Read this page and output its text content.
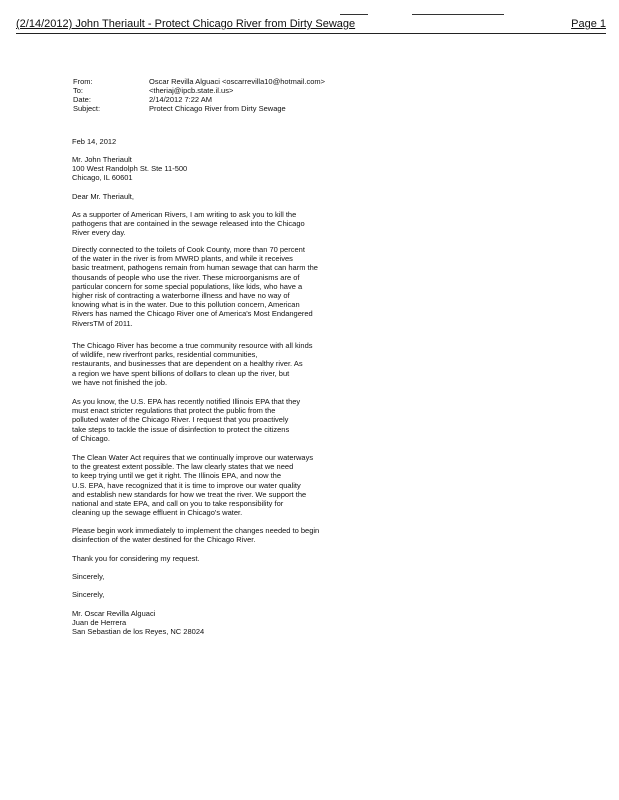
(2/14/2012) John Theriault - Protect Chicago River from Dirty Sewage	Page 1
From:	Oscar Revilla Alguaci <oscarrevilla10@hotmail.com>
To:	<theriaj@ipcb.state.il.us>
Date:	2/14/2012 7:22 AM
Subject:	Protect Chicago River from Dirty Sewage
Feb 14, 2012
Mr. John Theriault
100 West Randolph St. Ste 11-500
Chicago, IL 60601
Dear Mr. Theriault,
As a supporter of American Rivers, I am writing to ask you to kill the
pathogens that are contained in the sewage released into the Chicago
River every day.
Directly connected to the toilets of Cook County, more than 70 percent
of the water in the river is from MWRD plants, and while it receives
basic treatment, pathogens remain from human sewage that can harm the
thousands of people who use the river. These microorganisms are of
particular concern for some special populations, like kids, who have a
higher risk of contracting a waterborne illness and have no way of
knowing what is in the water. Due to this pollution concern, American
Rivers has named the Chicago River one of America's Most Endangered
RiversTM of 2011.
The Chicago River has become a true community resource with all kinds
of wildlife, new riverfront parks, residential communities,
restaurants, and businesses that are dependent on a healthy river. As
a region we have spent billions of dollars to clean up the river, but
we have not finished the job.
As you know, the U.S. EPA has recently notified Illinois EPA that they
must enact stricter regulations that protect the public from the
polluted water of the Chicago River. I request that you proactively
take steps to tackle the issue of disinfection to protect the citizens
of Chicago.
The Clean Water Act requires that we continually improve our waterways
to the greatest extent possible. The law clearly states that we need
to keep trying until we get it right. The Illinois EPA, and now the
U.S. EPA, have recognized that it is time to improve our water quality
and establish new standards for how we treat the river. We support the
national and state EPA, and call on you to take responsibility for
cleaning up the sewage effluent in Chicago's water.
Please begin work immediately to implement the changes needed to begin
disinfection of the water destined for the Chicago River.
Thank you for considering my request.
Sincerely,
Sincerely,
Mr. Oscar Revilla Alguaci
Juan de Herrera
San Sebastian de los Reyes, NC 28024
